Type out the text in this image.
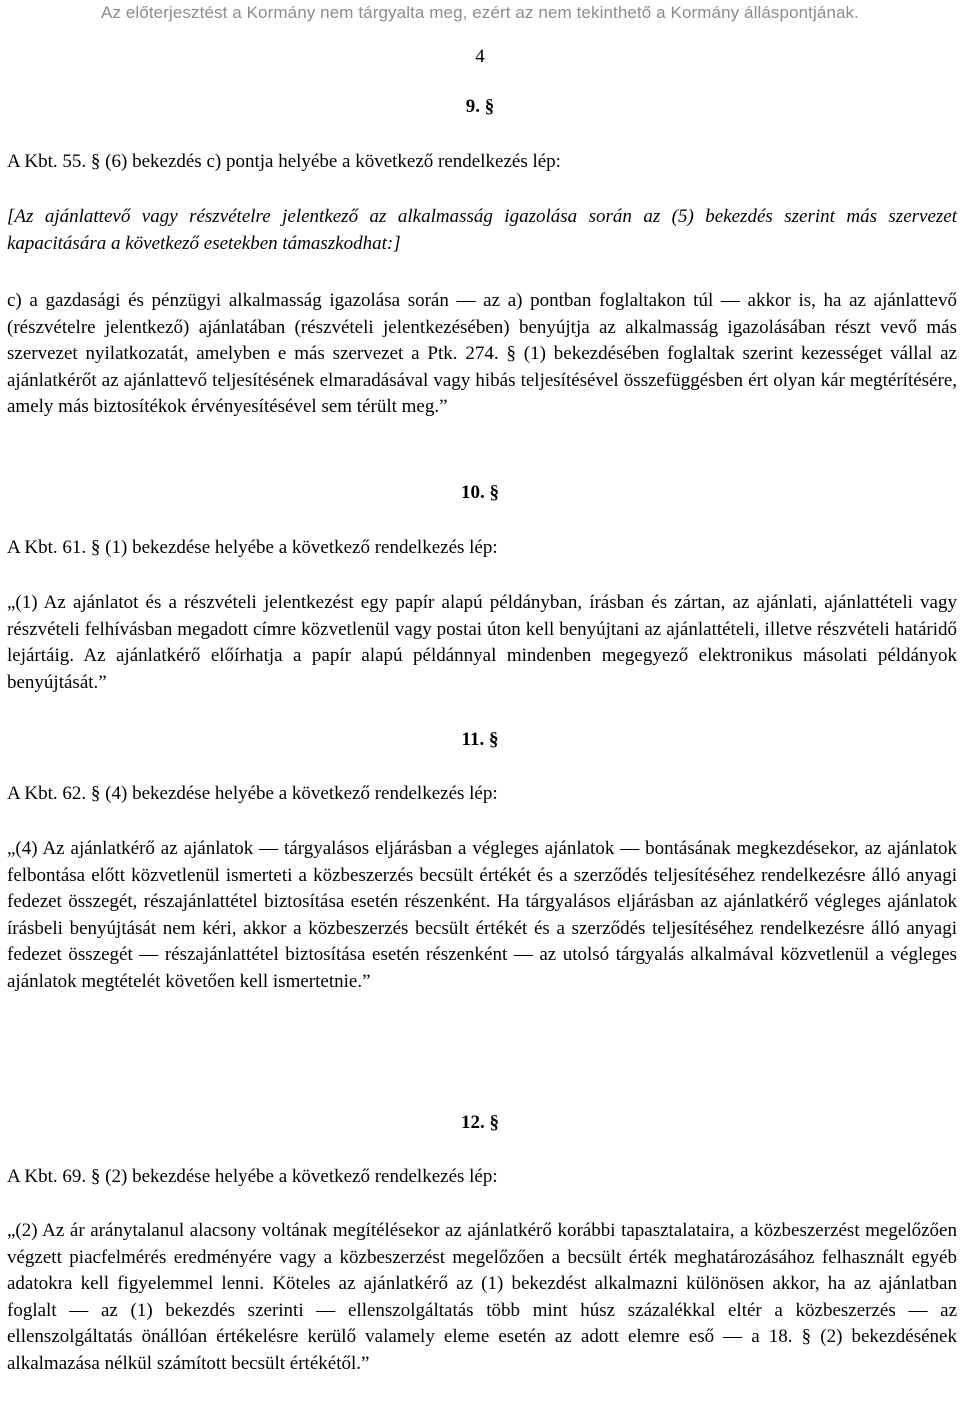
Az előterjesztést a Kormány nem tárgyalta meg, ezért az nem tekinthető a Kormány álláspontjának.
4
9. §
A Kbt. 55. § (6) bekezdés c) pontja helyébe a következő rendelkezés lép:
[Az ajánlattevő vagy részvételre jelentkező az alkalmasság igazolása során az (5) bekezdés szerint más szervezet kapacitására a következő esetekben támaszkodhat:]
c) a gazdasági és pénzügyi alkalmasság igazolása során — az a) pontban foglaltakon túl — akkor is, ha az ajánlattevő (részvételre jelentkező) ajánlatában (részvételi jelentkezésében) benyújtja az alkalmasság igazolásában részt vevő más szervezet nyilatkozatát, amelyben e más szervezet a Ptk. 274. § (1) bekezdésében foglaltak szerint kezességet vállal az ajánlatkérőt az ajánlattevő teljesítésének elmaradásával vagy hibás teljesítésével összefüggésben ért olyan kár megtérítésére, amely más biztosítékok érvényesítésével sem térült meg.”
10. §
A Kbt. 61. § (1) bekezdése helyébe a következő rendelkezés lép:
„(1) Az ajánlatot és a részvételi jelentkezést egy papír alapú példányban, írásban és zártan, az ajánlati, ajánlattételi vagy részvételi felhívásban megadott címre közvetlenül vagy postai úton kell benyújtani az ajánlattételi, illetve részvételi határidő lejártáig. Az ajánlatkérő előírhatja a papír alapú példánnyal mindenben megegyező elektronikus másolati példányok benyújtását.”
11. §
A Kbt. 62. § (4) bekezdése helyébe a következő rendelkezés lép:
„(4) Az ajánlatkérő az ajánlatok — tárgyalásos eljárásban a végleges ajánlatok — bontásának megkezdésekor, az ajánlatok felbontása előtt közvetlenül ismerteti a közbeszerzés becsült értékét és a szerződés teljesítéséhez rendelkezésre álló anyagi fedezet összegét, részajánlattétel biztosítása esetén részenként. Ha tárgyalásos eljárásban az ajánlatkérő végleges ajánlatok írásbeli benyújtását nem kéri, akkor a közbeszerzés becsült értékét és a szerződés teljesítéséhez rendelkezésre álló anyagi fedezet összegét — részajánlattétel biztosítása esetén részenként — az utolsó tárgyalás alkalmával közvetlenül a végleges ajánlatok megtételét követően kell ismertetnie.”
12. §
A Kbt. 69. § (2) bekezdése helyébe a következő rendelkezés lép:
„(2) Az ár aránytalanul alacsony voltának megítélésekor az ajánlatkérő korábbi tapasztalataira, a közbeszerzést megelőzően végzett piacfelmérés eredményére vagy a közbeszerzést megelőzően a becsült érték meghatározásához felhasznált egyéb adatokra kell figyelemmel lenni. Köteles az ajánlatkérő az (1) bekezdést alkalmazni különösen akkor, ha az ajánlatban foglalt — az (1) bekezdés szerinti — ellenszolgáltatás több mint húsz százalékkal eltér a közbeszerzés — az ellenszolgáltatás önállóan értékelésre kerülő valamely eleme esetén az adott elemre eső — a 18. § (2) bekezdésének alkalmazása nélkül számított becsült értékétől.”
